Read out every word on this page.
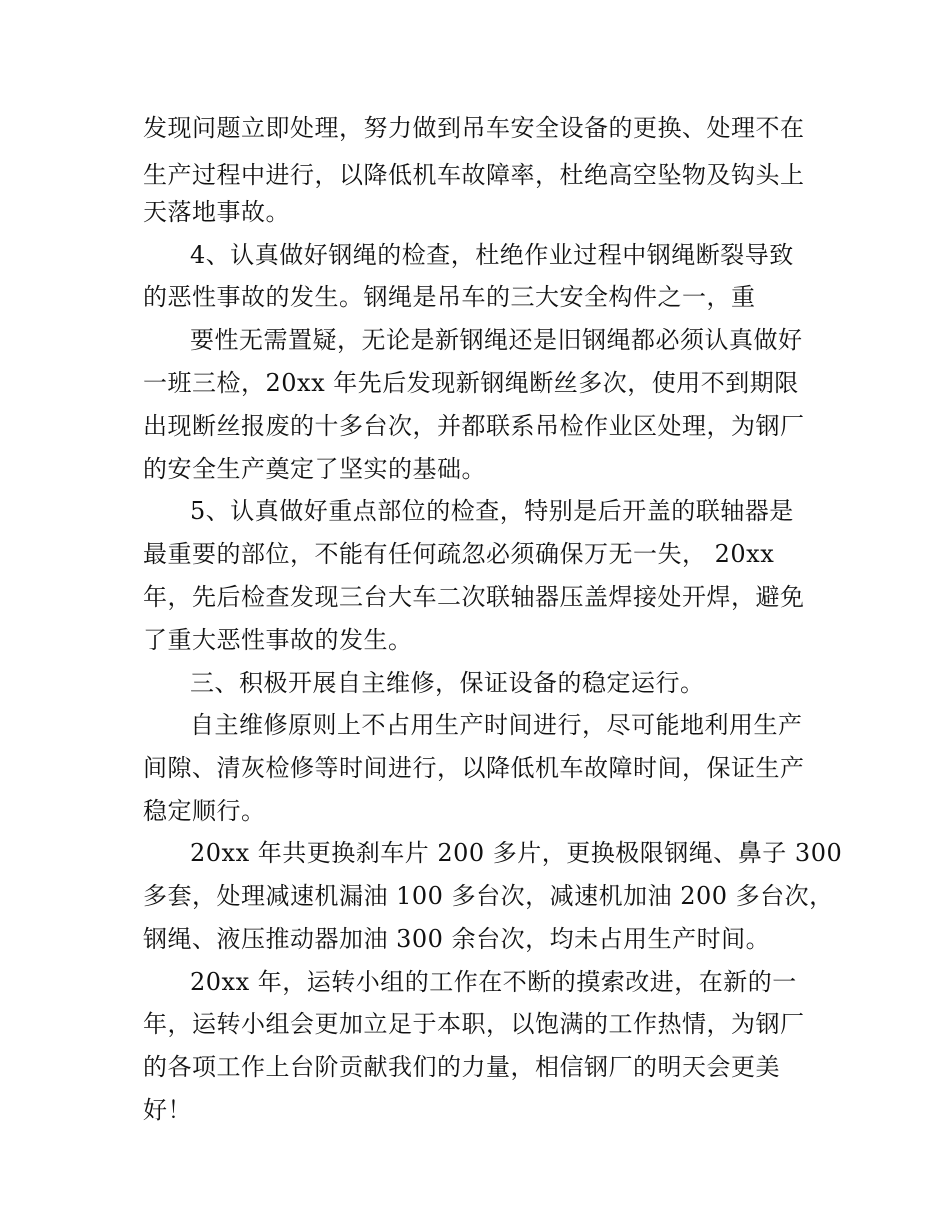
发现问题立即处理，努力做到吊车安全设备的更换、处理不在
生产过程中进行，以降低机车故障率，杜绝高空坠物及钩头上
天落地事故。
4、认真做好钢绳的检查，杜绝作业过程中钢绳断裂导致
的恶性事故的发生。钢绳是吊车的三大安全构件之一，重
要性无需置疑，无论是新钢绳还是旧钢绳都必须认真做好
一班三检，20xx 年先后发现新钢绳断丝多次，使用不到期限
出现断丝报废的十多台次，并都联系吊检作业区处理，为钢厂
的安全生产奠定了坚实的基础。
5、认真做好重点部位的检查，特别是后开盖的联轴器是
最重要的部位，不能有任何疏忽必须确保万无一失， 20xx
年，先后检查发现三台大车二次联轴器压盖焊接处开焊，避免
了重大恶性事故的发生。
三、积极开展自主维修，保证设备的稳定运行。
自主维修原则上不占用生产时间进行，尽可能地利用生产
间隙、清灰检修等时间进行，以降低机车故障时间，保证生产
稳定顺行。
20xx 年共更换刹车片 200 多片，更换极限钢绳、鼻子 300
多套，处理减速机漏油 100 多台次，减速机加油 200 多台次，
钢绳、液压推动器加油 300 余台次，均未占用生产时间。
20xx 年，运转小组的工作在不断的摸索改进，在新的一
年，运转小组会更加立足于本职，以饱满的工作热情，为钢厂
的各项工作上台阶贡献我们的力量，相信钢厂的明天会更美
好！
